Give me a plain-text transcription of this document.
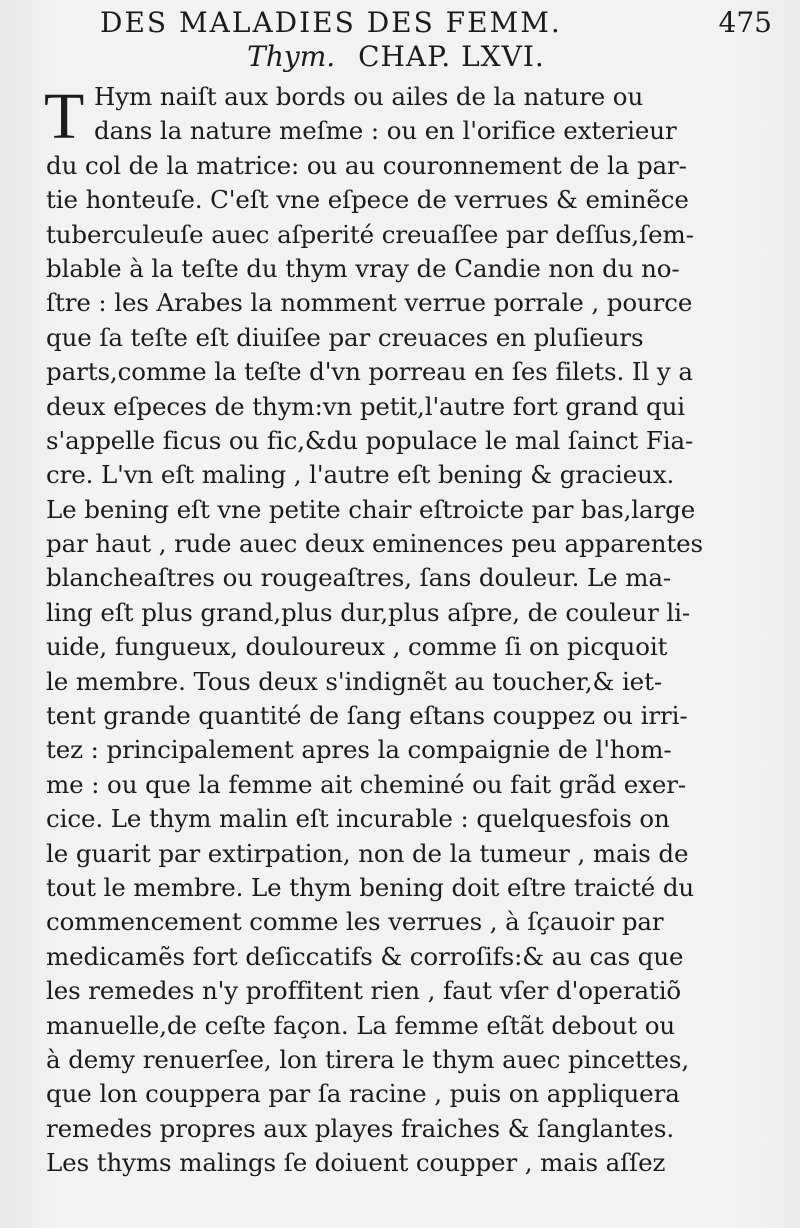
DES MALADIES DES FEMM.	475
Thym. CHAP. LXVI.
T Hym naiſt aux bords ou ailes de la nature ou
dans la nature meſme : ou en l'orifice exterieur
du col de la matrice: ou au couronnement de la par-
tie honteuſe. C'eſt vne eſpece de verrues & eminẽce
tuberculeuſe auec aſperité creuaſſee par deſſus,ſem-
blable à la teſte du thym vray de Candie non du no-
ſtre : les Arabes la nomment verrue porrale , pource
que ſa teſte eſt diuiſee par creuaces en pluſieurs
parts,comme la teſte d'vn porreau en ſes filets. Il y a
deux eſpeces de thym:vn petit,l'autre fort grand qui
s'appelle ficus ou fic,&du populace le mal ſainct Fia-
cre. L'vn eſt maling , l'autre eſt bening & gracieux.
Le bening eſt vne petite chair eſtroicte par bas,large
par haut , rude auec deux eminences peu apparentes
blancheaſtres ou rougeaſtres, ſans douleur. Le ma-
ling eſt plus grand,plus dur,plus aſpre, de couleur li-
uide, fungueux, douloureux , comme ſi on picquoit
le membre. Tous deux s'indignẽt au toucher,& iet-
tent grande quantité de ſang eſtans couppez ou irri-
tez : principalement apres la compaignie de l'hom-
me : ou que la femme ait cheminé ou fait grãd exer-
cice. Le thym malin eſt incurable : quelquesfois on
le guarit par extirpation, non de la tumeur , mais de
tout le membre. Le thym bening doit eſtre traicté du
commencement comme les verrues , à ſçauoir par
medicamẽs fort deſiccatifs & corroſifs:& au cas que
les remedes n'y proffitent rien , faut vſer d'operatiõ
manuelle,de ceſte façon. La femme eſtãt debout ou
à demy renuerſee, lon tirera le thym auec pincettes,
que lon couppera par ſa racine , puis on appliquera
remedes propres aux playes fraiches & ſanglantes.
Les thyms malings ſe doiuent coupper , mais aſſez
